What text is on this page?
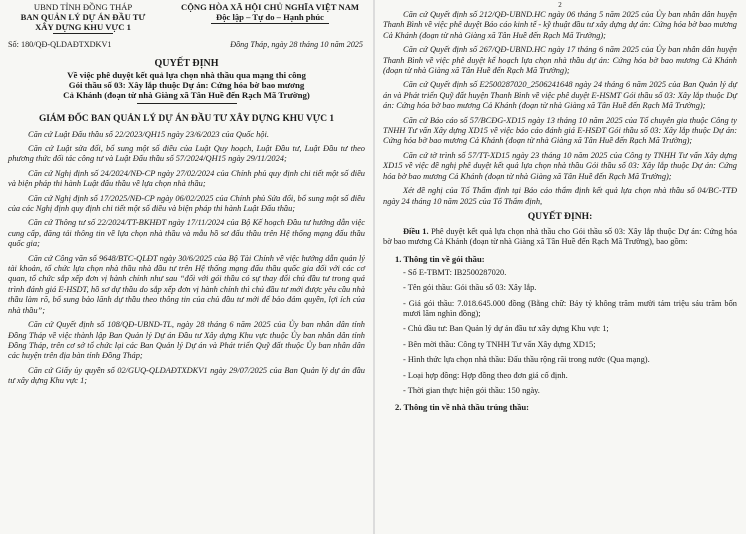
UBND TỈNH ĐỒNG THÁP
BAN QUẢN LÝ DỰ ÁN ĐẦU TƯ
XÂY DỰNG KHU VỰC 1
CỘNG HÒA XÃ HỘI CHỦ NGHĨA VIỆT NAM
Độc lập – Tự do – Hạnh phúc
Số: 180/QĐ-QLDAĐTXDKV1	Đồng Tháp, ngày 28 tháng 10 năm 2025
QUYẾT ĐỊNH
Về việc phê duyệt kết quả lựa chọn nhà thầu qua mạng thi công
Gói thầu số 03: Xây lắp thuộc Dự án: Cứng hóa bờ bao mương
Cả Khánh (đoạn từ nhà Giàng xã Tân Huề đến Rạch Mã Trường)
GIÁM ĐỐC BAN QUẢN LÝ DỰ ÁN ĐẦU TƯ XÂY DỰNG KHU VỰC 1
Căn cứ Luật Đấu thầu số 22/2023/QH15 ngày 23/6/2023 của Quốc hội.
Căn cứ Luật sửa đổi, bổ sung một số điều của Luật Quy hoạch, Luật Đầu tư, Luật Đầu tư theo phương thức đối tác công tư và Luật Đấu thầu số 57/2024/QH15 ngày 29/11/2024;
Căn cứ Nghị định số 24/2024/NĐ-CP ngày 27/02/2024 của Chính phủ quy định chi tiết một số điều và biện pháp thi hành Luật đấu thầu về lựa chọn nhà thầu;
Căn cứ Nghị định số 17/2025/NĐ-CP ngày 06/02/2025 của Chính phủ Sửa đổi, bổ sung một số điều của các Nghị định quy định chi tiết một số điều và biện pháp thi hành Luật Đấu thầu;
Căn cứ Thông tư số 22/2024/TT-BKHĐT ngày 17/11/2024 của Bộ Kế hoạch Đầu tư hướng dẫn việc cung cấp, đăng tải thông tin về lựa chọn nhà thầu và mẫu hồ sơ đấu thầu trên Hệ thống mạng đấu thầu quốc gia;
Căn cứ Công văn số 9648/BTC-QLĐT ngày 30/6/2025 của Bộ Tài Chính về việc hướng dẫn quản lý tài khoản, tổ chức lựa chọn nhà thầu nhà đầu tư trên Hệ thống mạng đấu thầu quốc gia đối với các cơ quan, tổ chức sắp xếp đơn vị hành chính như sau “đối với gói thầu có sự thay đổi chủ đầu tư trong quá trình đánh giá E-HSDT, hồ sơ dự thầu do sắp xếp đơn vị hành chính thì chủ đầu tư mới được yêu cầu nhà thầu làm rõ, bổ sung bảo lãnh dự thầu theo thông tin của chủ đầu tư mới để bảo đảm quyền, lợi ích của nhà thầu”;
Căn cứ Quyết định số 108/QĐ-UBND-TL, ngày 28 tháng 6 năm 2025 của Ủy ban nhân dân tỉnh Đồng Tháp về việc thành lập Ban Quản lý Dự án Đầu tư Xây dựng Khu vực thuộc Ủy ban nhân dân tỉnh Đồng Tháp, trên cơ sở tổ chức lại các Ban Quản lý Dự án và Phát triển Quỹ đất thuộc Ủy ban nhân dân các huyện trên địa bàn tỉnh Đồng Tháp;
Căn cứ Giấy ủy quyền số 02/GUQ-QLDAĐTXDKV1 ngày 29/07/2025 của Ban Quản lý dự án đầu tư xây dựng Khu vực 1;
2
Căn cứ Quyết định số 212/QĐ-UBND.HC ngày 06 tháng 5 năm 2025 của Ủy ban nhân dân huyện Thanh Bình về việc phê duyệt Báo cáo kinh tế - kỹ thuật đầu tư xây dựng dự án: Cứng hóa bờ bao mương Cả Khánh (đoạn từ nhà Giàng xã Tân Huề đến Rạch Mã Trường);
Căn cứ Quyết định số 267/QĐ-UBND.HC ngày 17 tháng 6 năm 2025 của Ủy ban nhân dân huyện Thanh Bình về việc phê duyệt kế hoạch lựa chọn nhà thầu dự án: Cứng hóa bờ bao mương Cả Khánh (đoạn từ nhà Giàng xã Tân Huề đến Rạch Mã Trường);
Căn cứ Quyết định số E2500287020_2506241648 ngày 24 tháng 6 năm 2025 của Ban Quản lý dự án và Phát triển Quỹ đất huyện Thanh Bình về việc phê duyệt E-HSMT Gói thầu số 03: Xây lắp thuộc Dự án: Cứng hóa bờ bao mương Cả Khánh (đoạn từ nhà Giàng xã Tân Huề đến Rạch Mã Trường);
Căn cứ Báo cáo số 57/BCĐG-XD15 ngày 13 tháng 10 năm 2025 của Tổ chuyên gia thuộc Công ty TNHH Tư vấn Xây dựng XD15 về việc báo cáo đánh giá E-HSĐT Gói thầu số 03: Xây lắp thuộc Dự án: Cứng hóa bờ bao mương Cả Khánh (đoạn từ nhà Giàng xã Tân Huề đến Rạch Mã Trường);
Căn cứ tờ trình số 57/TT-XD15 ngày 23 tháng 10 năm 2025 của Công ty TNHH Tư vấn Xây dựng XD15 về việc đề nghị phê duyệt kết quả lựa chọn nhà thầu Gói thầu số 03: Xây lắp thuộc Dự án: Cứng hóa bờ bao mương Cả Khánh (đoạn từ nhà Giàng xã Tân Huề đến Rạch Mã Trường);
Xét đề nghị của Tổ Thẩm định tại Báo cáo thẩm định kết quả lựa chọn nhà thầu số 04/BC-TTĐ ngày 24 tháng 10 năm 2025 của Tổ Thẩm định,
QUYẾT ĐỊNH:
Điều 1. Phê duyệt kết quả lựa chọn nhà thầu cho Gói thầu số 03: Xây lắp thuộc Dự án: Cứng hóa bờ bao mương Cả Khánh (đoạn từ nhà Giàng xã Tân Huề đến Rạch Mã Trường), bao gồm:
1. Thông tin về gói thầu:
- Số E-TBMT: IB2500287020.
- Tên gói thầu: Gói thầu số 03: Xây lắp.
- Giá gói thầu: 7.018.645.000 đồng (Bằng chữ: Bảy tỷ không trăm mười tám triệu sáu trăm bốn mươi lăm nghìn đồng);
- Chủ đầu tư: Ban Quản lý dự án đầu tư xây dựng Khu vực 1;
- Bên mời thầu: Công ty TNHH Tư vấn Xây dựng XD15;
- Hình thức lựa chọn nhà thầu: Đấu thầu rộng rãi trong nước (Qua mạng).
- Loại hợp đồng: Hợp đồng theo đơn giá cố định.
- Thời gian thực hiện gói thầu: 150 ngày.
2. Thông tin về nhà thầu trúng thầu:
